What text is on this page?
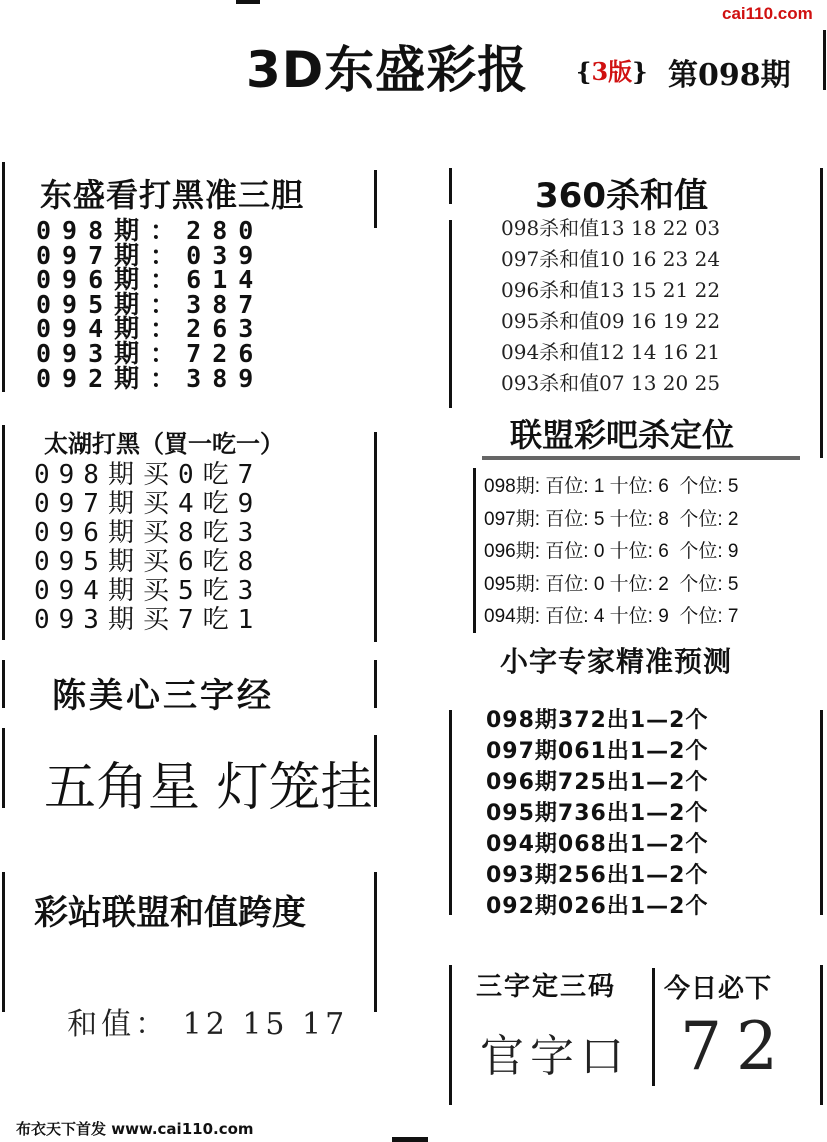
cai110.com
3D东盛彩报 {3版} 第098期
东盛看打黑准三胆
098期：280
097期：039
096期：614
095期：387
094期：263
093期：726
092期：389
太湖打黑（買一吃一）
098期买0吃7
097期买4吃9
096期买8吃3
095期买6吃8
094期买5吃3
093期买7吃1
陈美心三字经
五角星 灯笼挂
彩站联盟和值跨度

和值： 12 15 17

360杀和值
098杀和值13 18 22 03
097杀和值10 16 23 24
096杀和值13 15 21 22
095杀和值09 16 19 22
094杀和值12 14 16 21
093杀和值07 13 20 25
联盟彩吧杀定位
098期: 百位: 1 十位: 6  个位: 5
097期: 百位: 5 十位: 8  个位: 2
096期: 百位: 0 十位: 6  个位: 9
095期: 百位: 0 十位: 2  个位: 5
094期: 百位: 4 十位: 9  个位: 7
小字专家精准预测
098期372出1—2个
097期061出1—2个
096期725出1—2个
095期736出1—2个
094期068出1—2个
093期256出1—2个
092期026出1—2个
三字定三码
官字口
今日必下
72
布衣天下首发 www.cai110.com
